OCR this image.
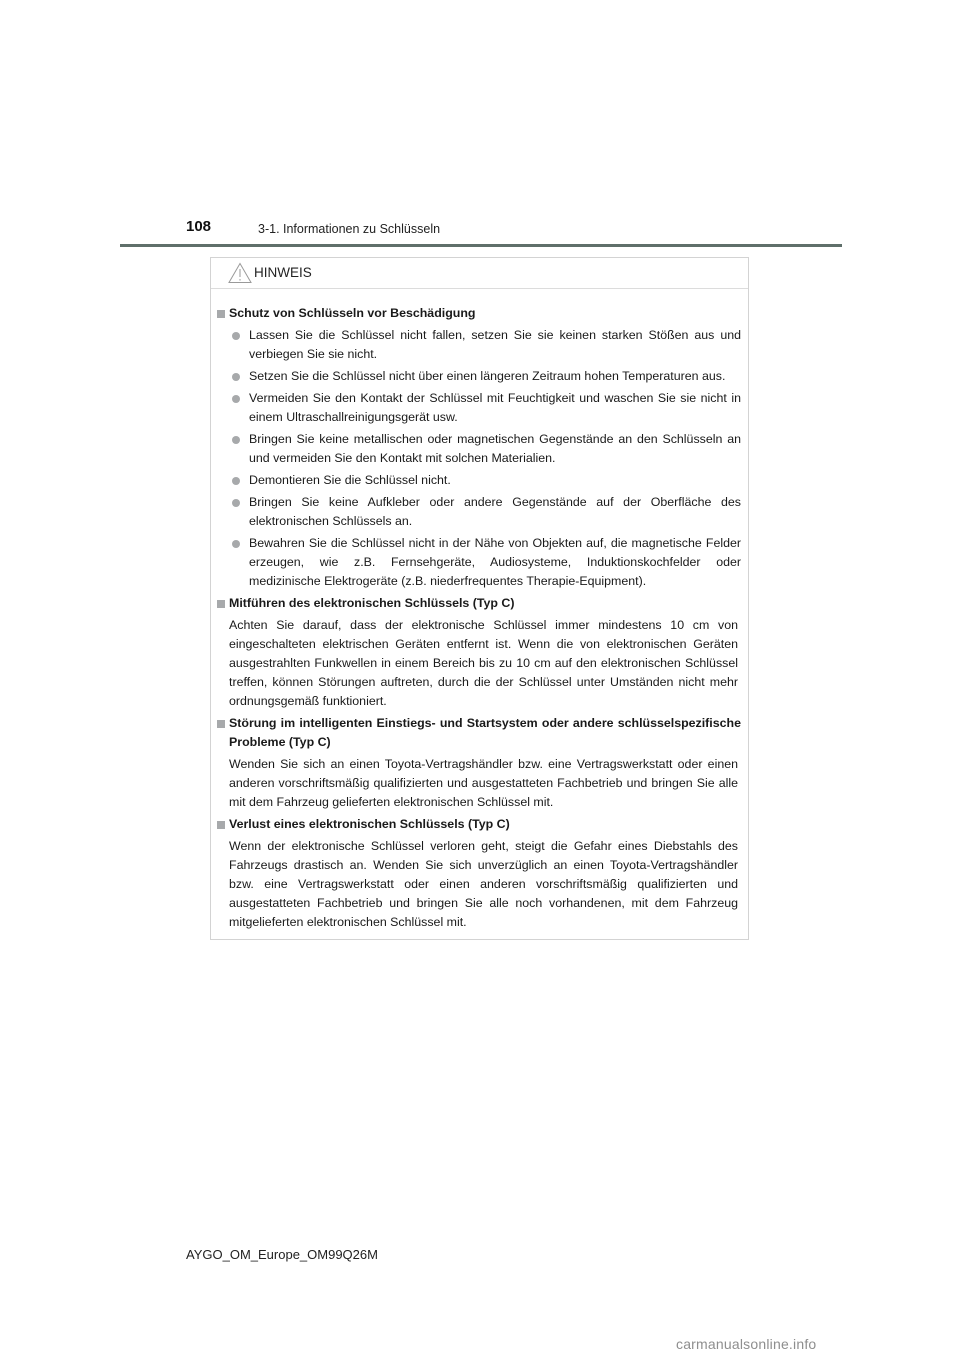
108	3-1. Informationen zu Schlüsseln
HINWEIS
Schutz von Schlüsseln vor Beschädigung
Lassen Sie die Schlüssel nicht fallen, setzen Sie sie keinen starken Stößen aus und verbiegen Sie sie nicht.
Setzen Sie die Schlüssel nicht über einen längeren Zeitraum hohen Temperaturen aus.
Vermeiden Sie den Kontakt der Schlüssel mit Feuchtigkeit und waschen Sie sie nicht in einem Ultraschallreinigungsgerät usw.
Bringen Sie keine metallischen oder magnetischen Gegenstände an den Schlüsseln an und vermeiden Sie den Kontakt mit solchen Materialien.
Demontieren Sie die Schlüssel nicht.
Bringen Sie keine Aufkleber oder andere Gegenstände auf der Oberfläche des elektronischen Schlüssels an.
Bewahren Sie die Schlüssel nicht in der Nähe von Objekten auf, die magnetische Felder erzeugen, wie z.B. Fernsehgeräte, Audiosysteme, Induktionskochfelder oder medizinische Elektrogeräte (z.B. niederfrequentes Therapie-Equipment).
Mitführen des elektronischen Schlüssels (Typ C)
Achten Sie darauf, dass der elektronische Schlüssel immer mindestens 10 cm von eingeschalteten elektrischen Geräten entfernt ist. Wenn die von elektronischen Geräten ausgestrahlten Funkwellen in einem Bereich bis zu 10 cm auf den elektronischen Schlüssel treffen, können Störungen auftreten, durch die der Schlüssel unter Umständen nicht mehr ordnungsgemäß funktioniert.
Störung im intelligenten Einstiegs- und Startsystem oder andere schlüsselspezifische Probleme (Typ C)
Wenden Sie sich an einen Toyota-Vertragshändler bzw. eine Vertragswerkstatt oder einen anderen vorschriftsmäßig qualifizierten und ausgestatteten Fachbetrieb und bringen Sie alle mit dem Fahrzeug gelieferten elektronischen Schlüssel mit.
Verlust eines elektronischen Schlüssels (Typ C)
Wenn der elektronische Schlüssel verloren geht, steigt die Gefahr eines Diebstahls des Fahrzeugs drastisch an. Wenden Sie sich unverzüglich an einen Toyota-Vertragshändler bzw. eine Vertragswerkstatt oder einen anderen vorschriftsmäßig qualifizierten und ausgestatteten Fachbetrieb und bringen Sie alle noch vorhandenen, mit dem Fahrzeug mitgelieferten elektronischen Schlüssel mit.
AYGO_OM_Europe_OM99Q26M
carmanualsonline.info
